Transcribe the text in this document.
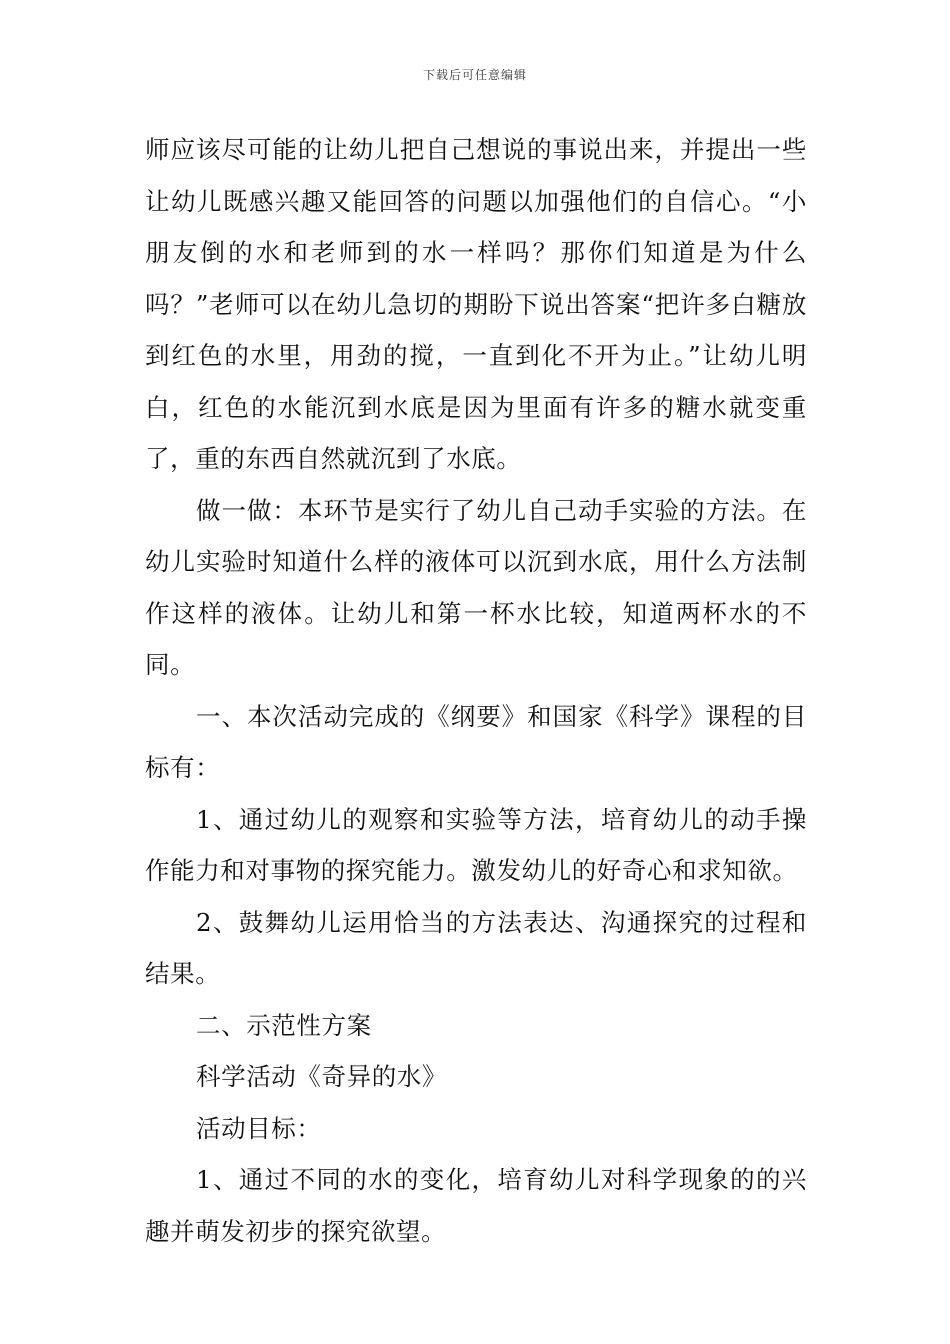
下载后可任意编辑

师应该尽可能的让幼儿把自己想说的事说出来，并提出一些让幼儿既感兴趣又能回答的问题以加强他们的自信心。“小朋友倒的水和老师到的水一样吗？那你们知道是为什么吗？”老师可以在幼儿急切的期盼下说出答案“把许多白糖放到红色的水里，用劲的搅，一直到化不开为止。”让幼儿明白，红色的水能沉到水底是因为里面有许多的糖水就变重了，重的东西自然就沉到了水底。

做一做：本环节是实行了幼儿自己动手实验的方法。在幼儿实验时知道什么样的液体可以沉到水底，用什么方法制作这样的液体。让幼儿和第一杯水比较，知道两杯水的不同。

一、本次活动完成的《纲要》和国家《科学》课程的目标有：

1、通过幼儿的观察和实验等方法，培育幼儿的动手操作能力和对事物的探究能力。激发幼儿的好奇心和求知欲。

2、鼓舞幼儿运用恰当的方法表达、沟通探究的过程和结果。

二、示范性方案

科学活动《奇异的水》

活动目标：

1、通过不同的水的变化，培育幼儿对科学现象的的兴趣并萌发初步的探究欲望。
